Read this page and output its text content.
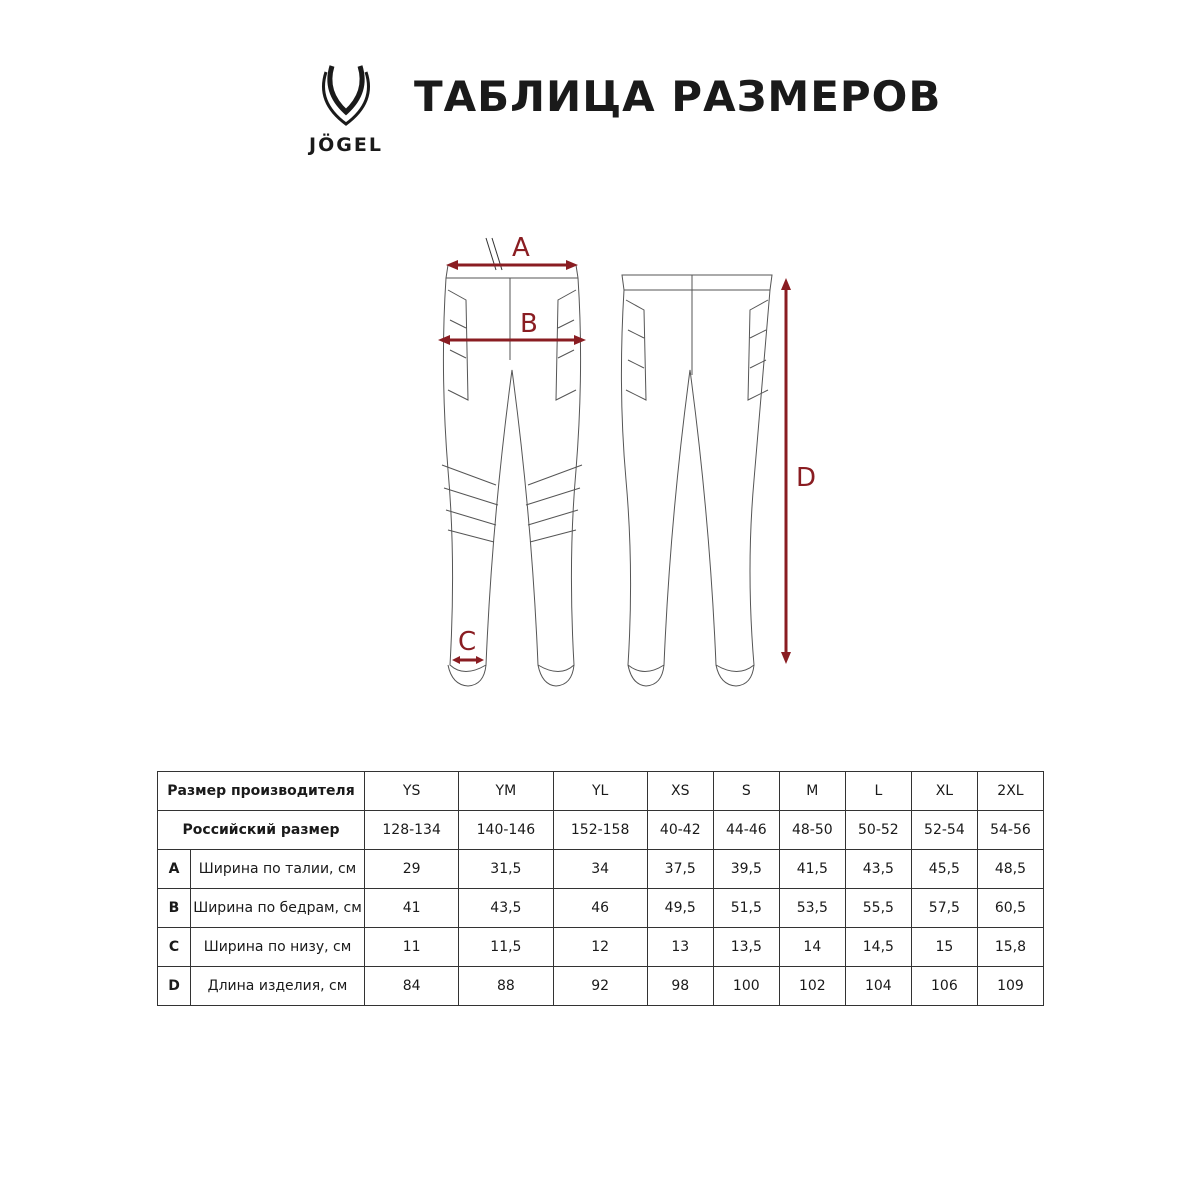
JÖGEL
ТАБЛИЦА РАЗМЕРОВ
A
B
C
D
Размер производителя		YS	YM	YL	XS	S	M	L	XL	2XL
Российский размер		128-134	140-146	152-158	40-42	44-46	48-50	50-52	52-54	54-56
A	Ширина по талии, см	29	31,5	34	37,5	39,5	41,5	43,5	45,5	48,5
B	Ширина по бедрам, см	41	43,5	46	49,5	51,5	53,5	55,5	57,5	60,5
C	Ширина по низу, см	11	11,5	12	13	13,5	14	14,5	15	15,8
D	Длина изделия, см	84	88	92	98	100	102	104	106	109
